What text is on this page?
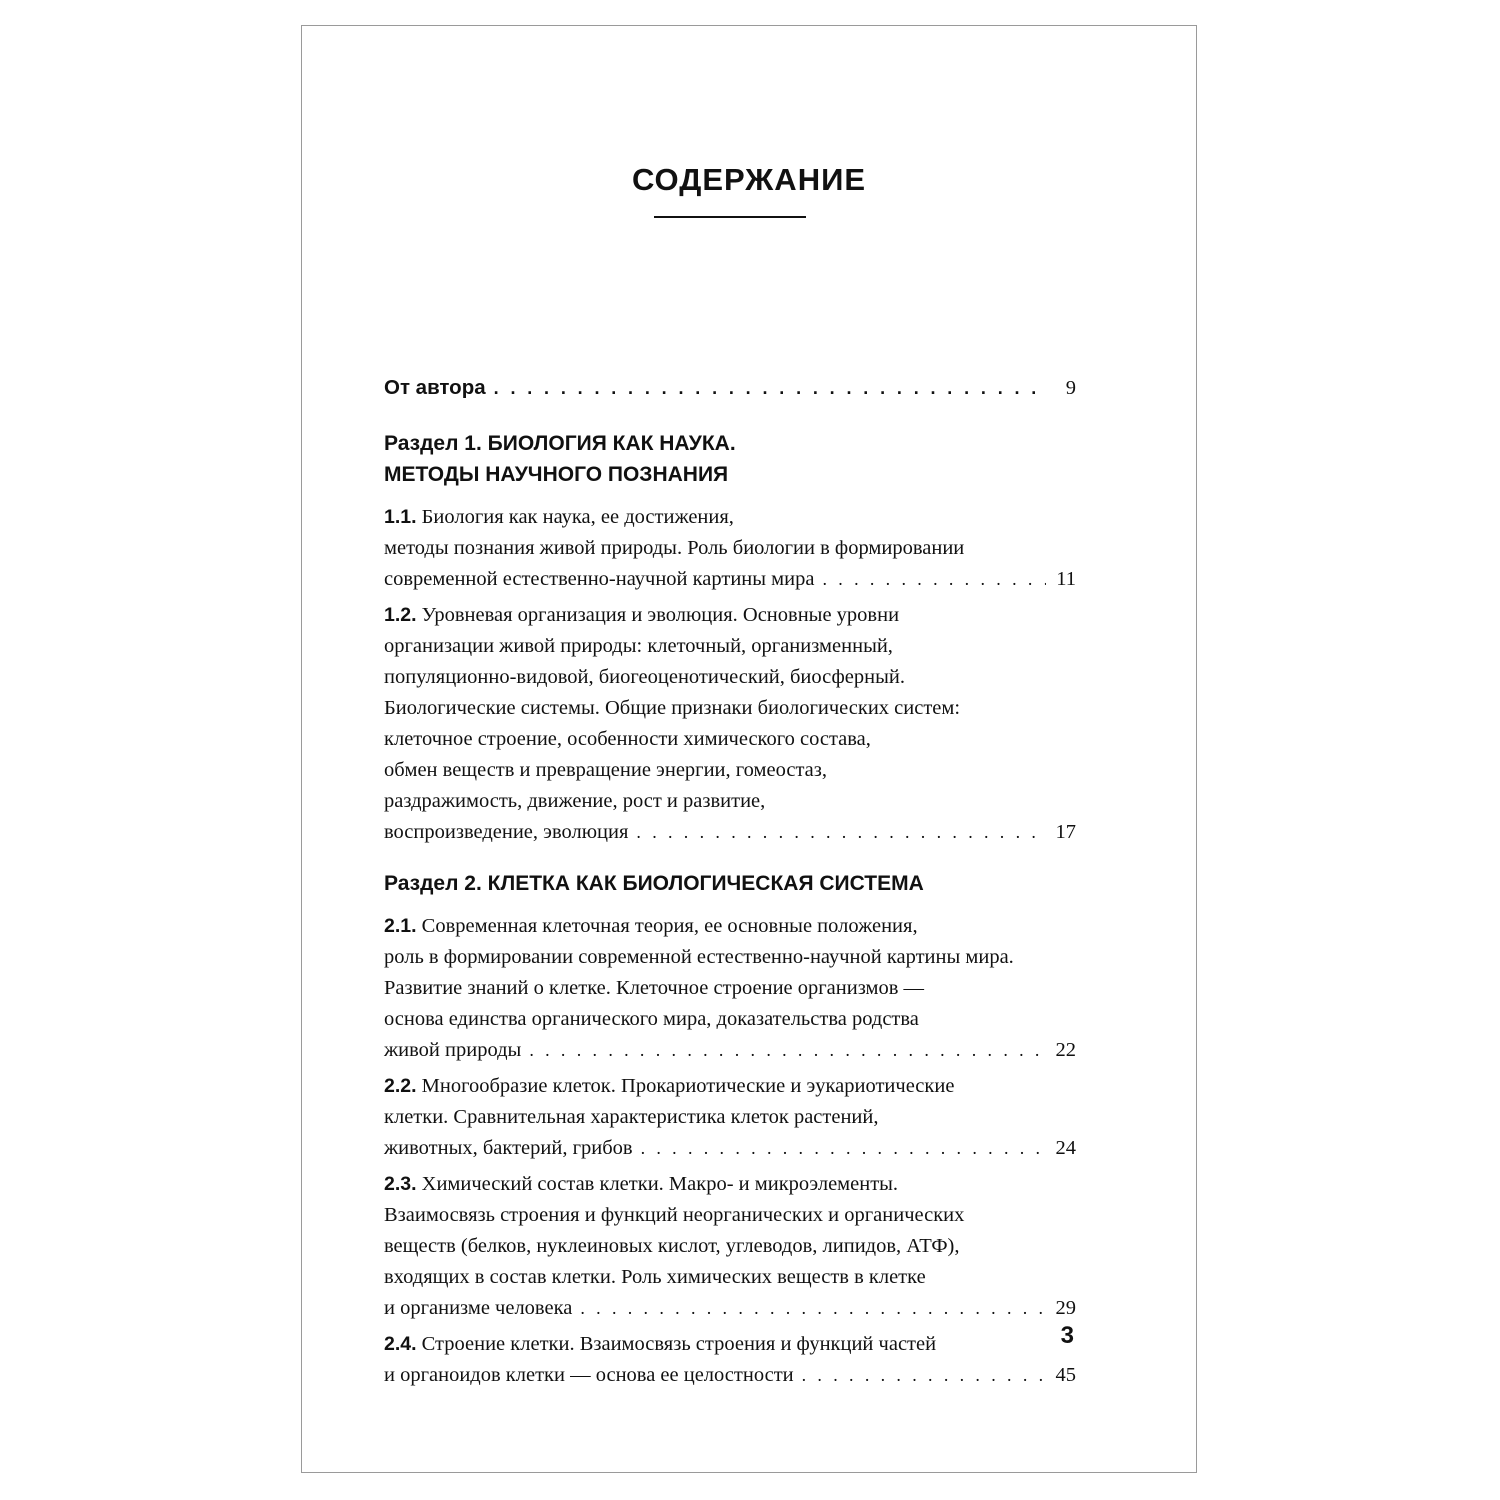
СОДЕРЖАНИЕ
От автора . . .	9
Раздел 1. БИОЛОГИЯ КАК НАУКА.
МЕТОДЫ НАУЧНОГО ПОЗНАНИЯ
1.1. Биология как наука, ее достижения,
методы познания живой природы. Роль биологии в формировании
современной естественно-научной картины мира . . .	11
1.2. Уровневая организация и эволюция. Основные уровни
организации живой природы: клеточный, организменный,
популяционно-видовой, биогеоценотический, биосферный.
Биологические системы. Общие признаки биологических систем:
клеточное строение, особенности химического состава,
обмен веществ и превращение энергии, гомеостаз,
раздражимость, движение, рост и развитие,
воспроизведение, эволюция . . .	17
Раздел 2. КЛЕТКА КАК БИОЛОГИЧЕСКАЯ СИСТЕМА
2.1. Современная клеточная теория, ее основные положения,
роль в формировании современной естественно-научной картины мира.
Развитие знаний о клетке. Клеточное строение организмов —
основа единства органического мира, доказательства родства
живой природы . . .	22
2.2. Многообразие клеток. Прокариотические и эукариотические
клетки. Сравнительная характеристика клеток растений,
животных, бактерий, грибов . . .	24
2.3. Химический состав клетки. Макро- и микроэлементы.
Взаимосвязь строения и функций неорганических и органических
веществ (белков, нуклеиновых кислот, углеводов, липидов, АТФ),
входящих в состав клетки. Роль химических веществ в клетке
и организме человека . . .	29
2.4. Строение клетки. Взаимосвязь строения и функций частей
и органоидов клетки — основа ее целостности . . .	45
3
